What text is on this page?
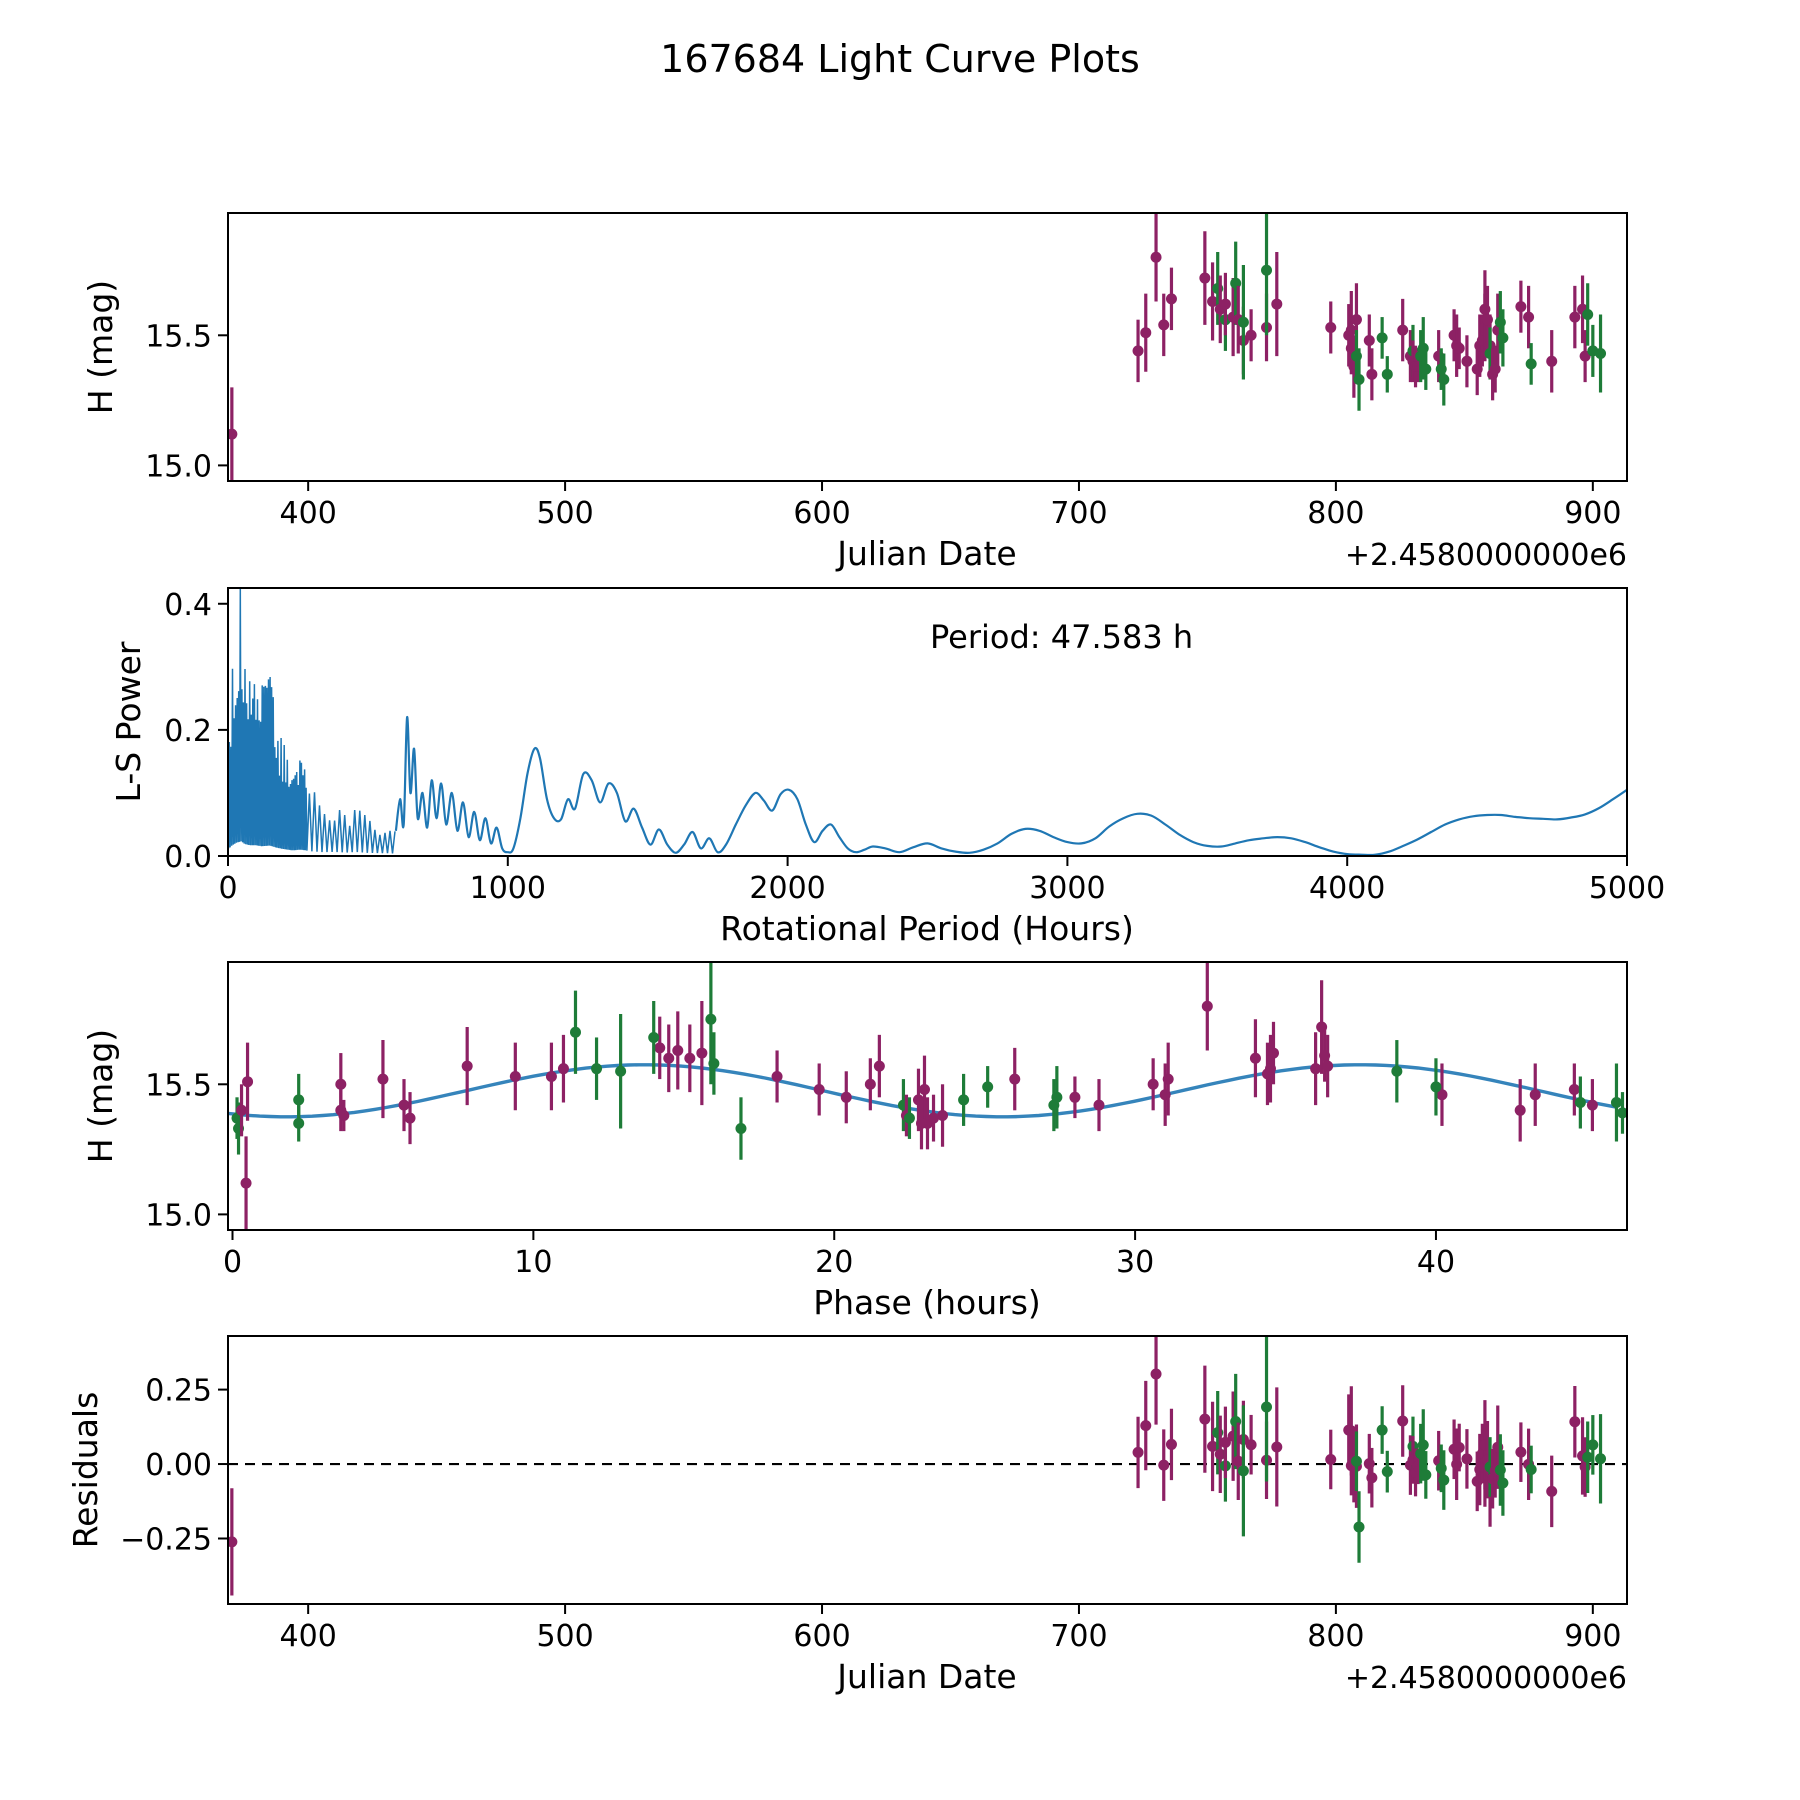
167684 Light Curve Plots
H (mag)
Julian Date	+2.4580000000e6
400	500	600	700	800	900
15.0
15.5
L-S Power
Rotational Period (Hours)
Period: 47.583 h
0	1000	2000	3000	4000	5000
0.0
0.2
0.4
H (mag)
Phase (hours)
0	10	20	30	40
15.0
15.5
Residuals
Julian Date	+2.4580000000e6
400	500	600	700	800	900
−0.25
0.00
0.25
